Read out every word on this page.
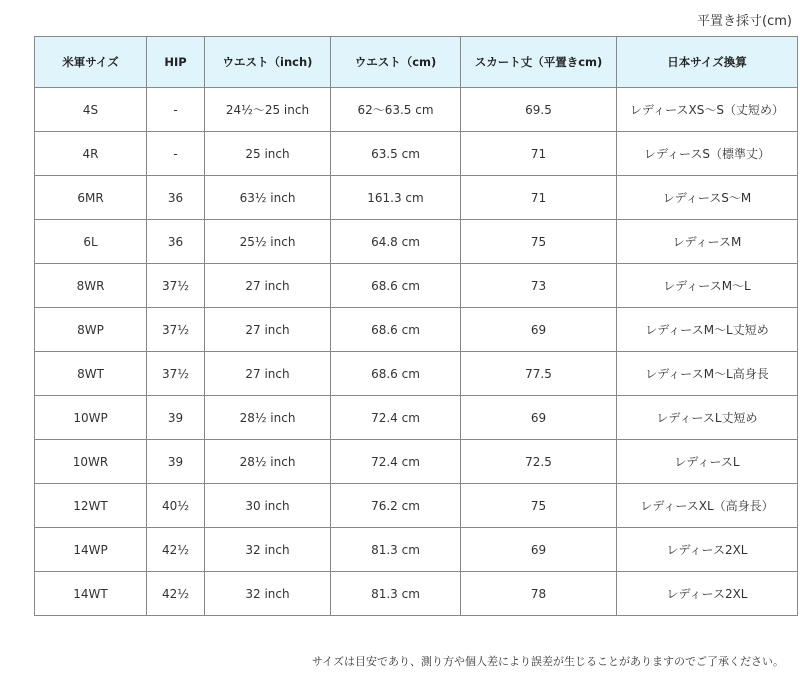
平置き採寸(cm)
米軍サイズ	HIP	ウエスト（inch)	ウエスト（cm)	スカート丈（平置きcm)	日本サイズ換算
4S	-	24½〜25 inch	62〜63.5 cm	69.5	レディースXS〜S（丈短め）
4R	-	25 inch	63.5 cm	71	レディースS（標準丈）
6MR	36	63½ inch	161.3 cm	71	レディースS〜M
6L	36	25½ inch	64.8 cm	75	レディースM
8WR	37½	27 inch	68.6 cm	73	レディースM〜L
8WP	37½	27 inch	68.6 cm	69	レディースM〜L丈短め
8WT	37½	27 inch	68.6 cm	77.5	レディースM〜L高身長
10WP	39	28½ inch	72.4 cm	69	レディースL丈短め
10WR	39	28½ inch	72.4 cm	72.5	レディースL
12WT	40½	30 inch	76.2 cm	75	レディースXL（高身長）
14WP	42½	32 inch	81.3 cm	69	レディース2XL
14WT	42½	32 inch	81.3 cm	78	レディース2XL
サイズは目安であり、測り方や個人差により誤差が生じることがありますのでご了承ください。
